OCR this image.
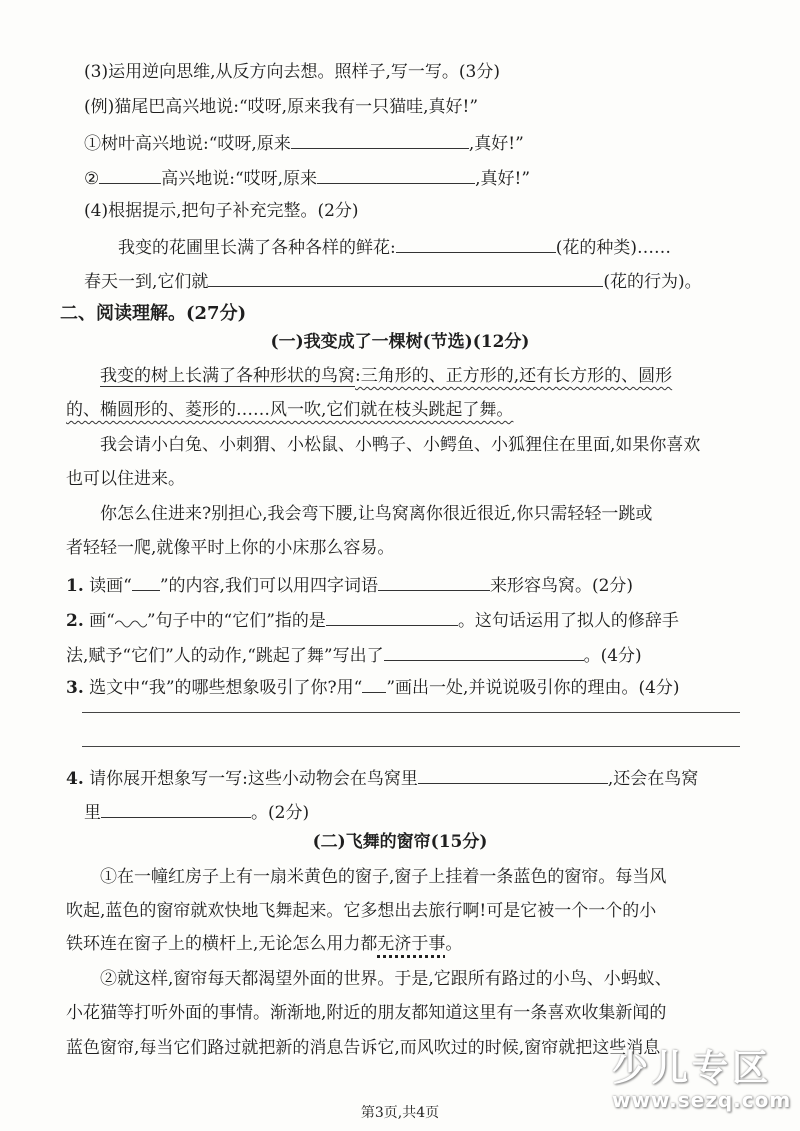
(3)运用逆向思维,从反方向去想。照样子,写一写。(3分)
(例)猫尾巴高兴地说:“哎呀,原来我有一只猫哇,真好!”
①树叶高兴地说:“哎呀,原来	,真好!”
②	高兴地说:“哎呀,原来	,真好!”
(4)根据提示,把句子补充完整。(2分)
我变的花圃里长满了各种各样的鲜花:	(花的种类)……
春天一到,它们就	(花的行为)。
二、阅读理解。(27分)
(一)我变成了一棵树(节选)(12分)
我变的树上长满了各种形状的鸟窝:三角形的、正方形的,还有长方形的、圆形
的、椭圆形的、菱形的……风一吹,它们就在枝头跳起了舞。
我会请小白兔、小刺猬、小松鼠、小鸭子、小鳄鱼、小狐狸住在里面,如果你喜欢
也可以住进来。
你怎么住进来?别担心,我会弯下腰,让鸟窝离你很近很近,你只需轻轻一跳或
者轻轻一爬,就像平时上你的小床那么容易。
1. 读画“ ”的内容,我们可以用四字词语	来形容鸟窝。(2分)
2. 画“ ”句子中的“它们”指的是	。这句话运用了拟人的修辞手
法,赋予“它们”人的动作,“跳起了舞”写出了	。(4分)
3. 选文中“我”的哪些想象吸引了你?用“ ”画出一处,并说说吸引你的理由。(4分)
4. 请你展开想象写一写:这些小动物会在鸟窝里	,还会在鸟窝
里	。(2分)
(二)飞舞的窗帘(15分)
①在一幢红房子上有一扇米黄色的窗子,窗子上挂着一条蓝色的窗帘。每当风
吹起,蓝色的窗帘就欢快地飞舞起来。它多想出去旅行啊!可是它被一个一个的小
铁环连在窗子上的横杆上,无论怎么用力都无济于事。
②就这样,窗帘每天都渴望外面的世界。于是,它跟所有路过的小鸟、小蚂蚁、
小花猫等打听外面的事情。渐渐地,附近的朋友都知道这里有一条喜欢收集新闻的
蓝色窗帘,每当它们路过就把新的消息告诉它,而风吹过的时候,窗帘就把这些消息
少儿专区
www.sezq.com
第3页,共4页
